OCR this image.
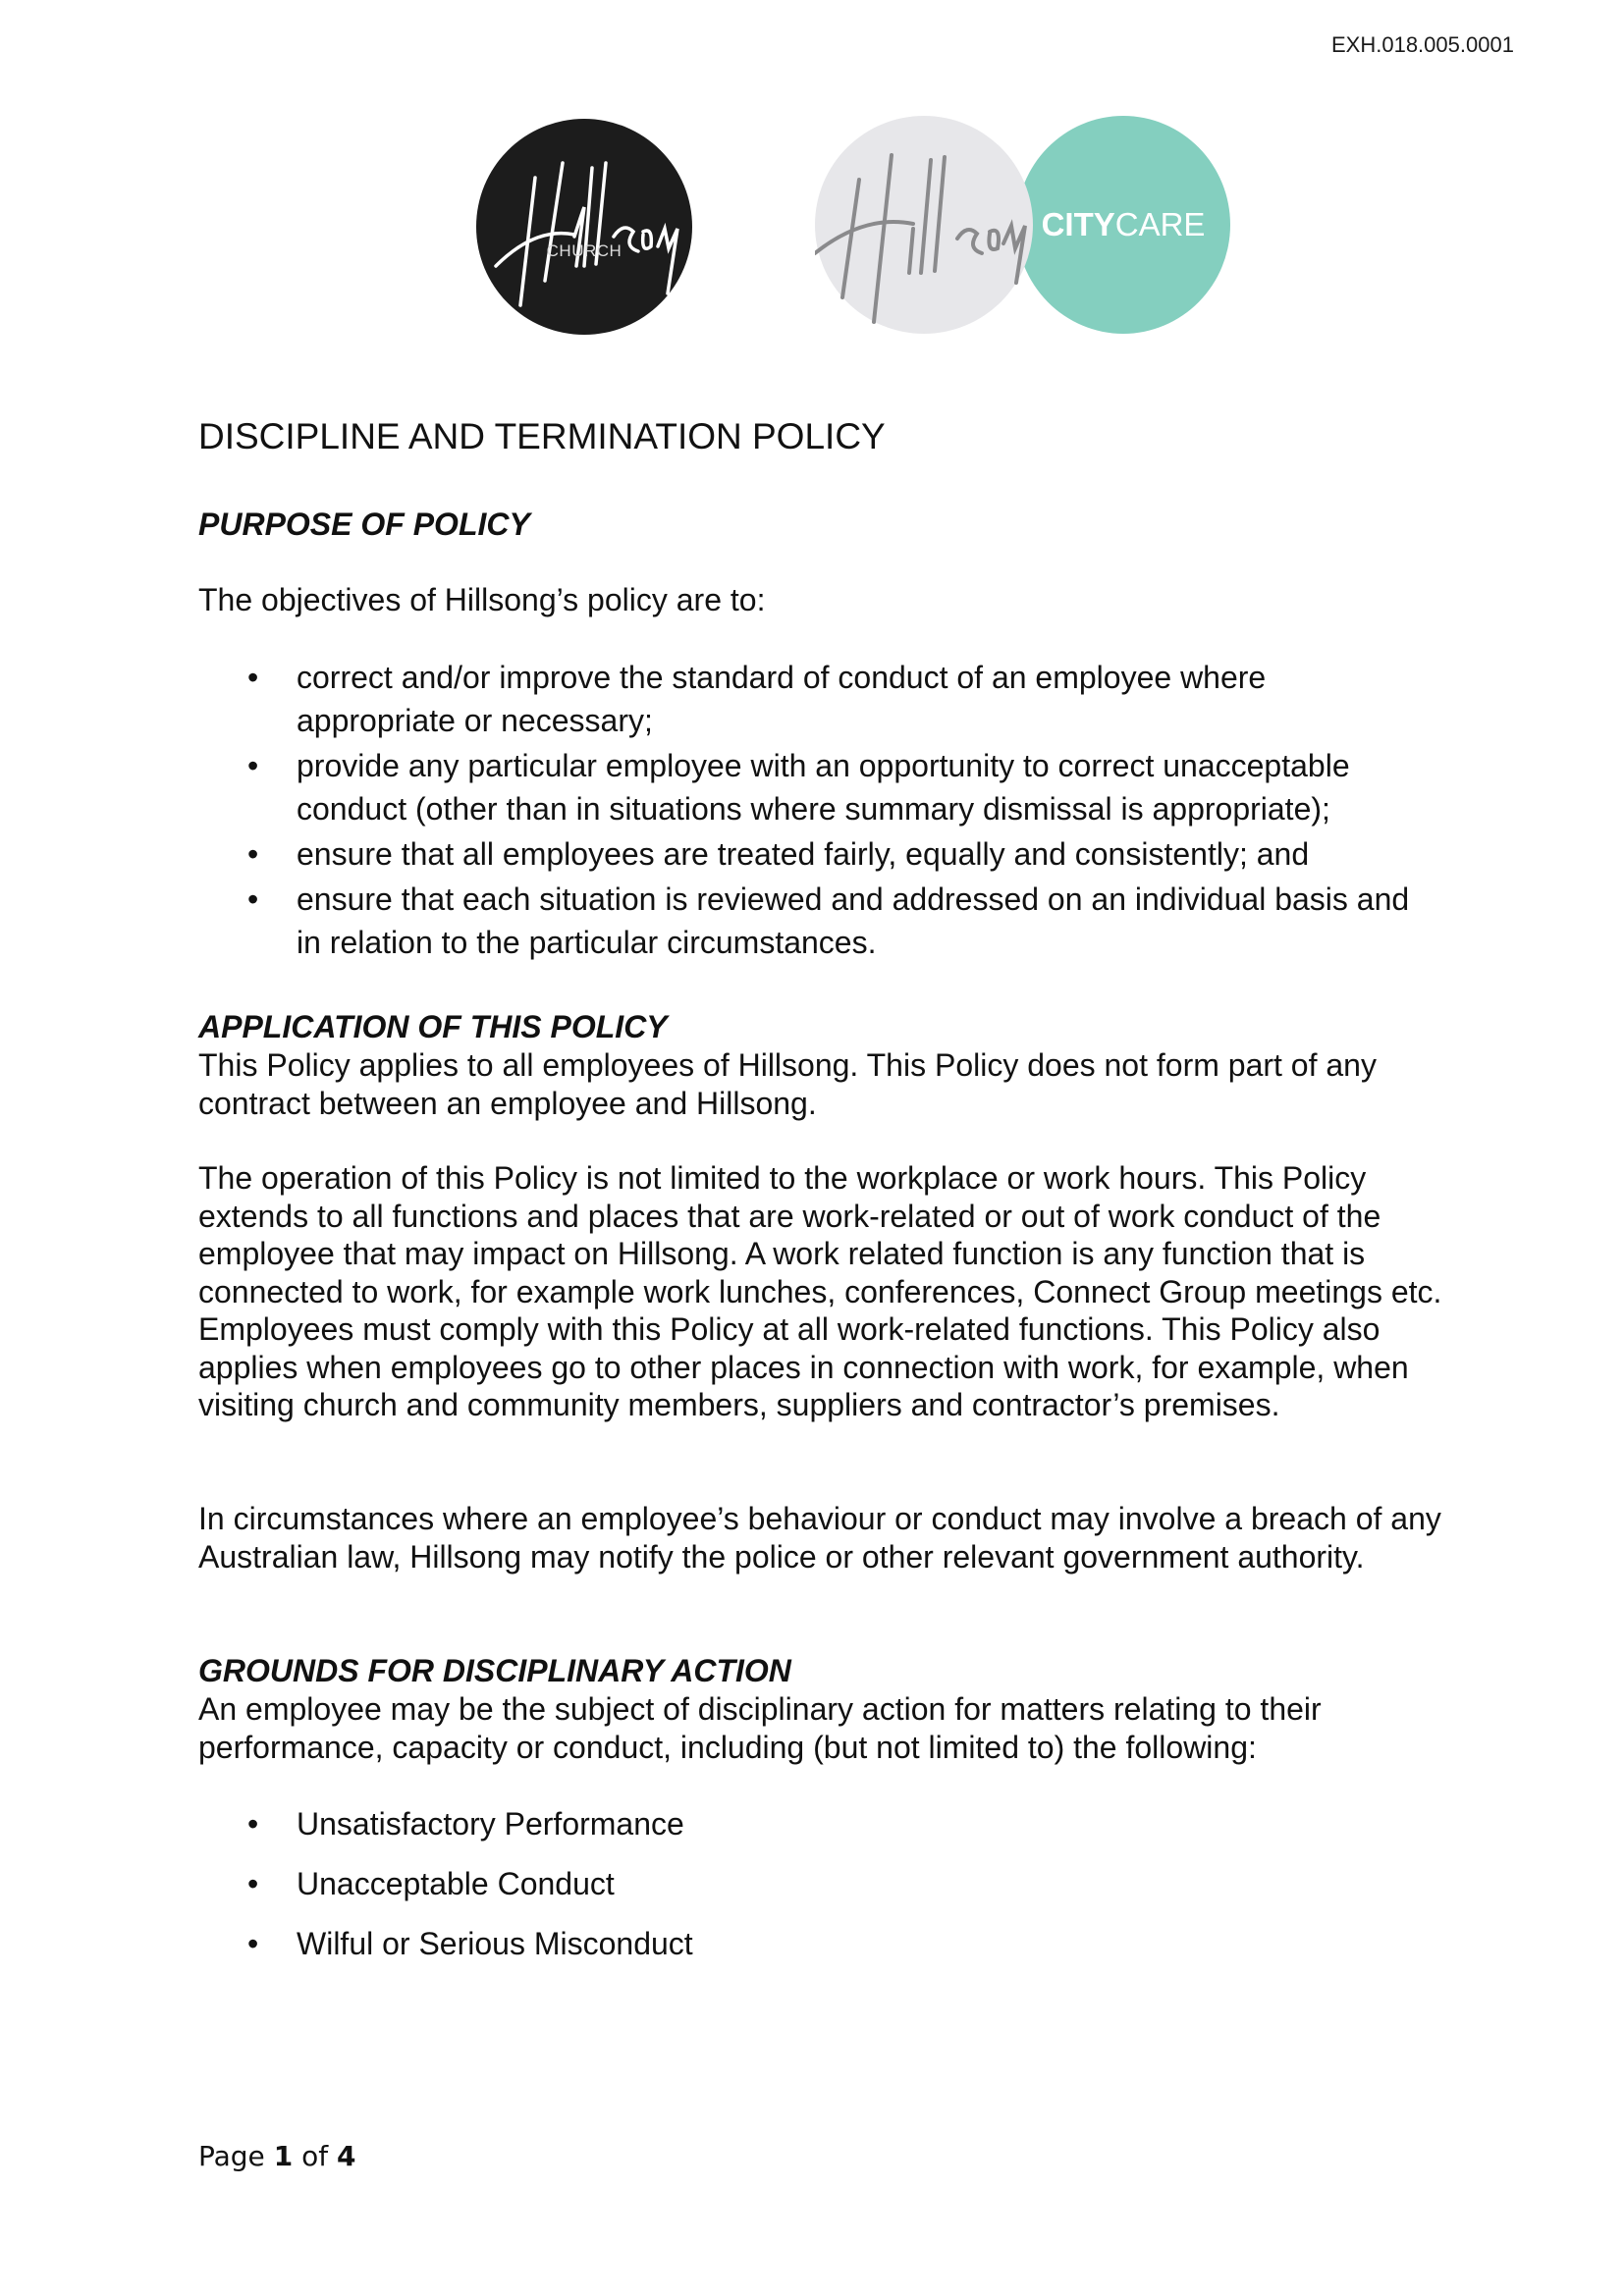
EXH.018.005.0001
CHURCH
CITYCARE
DISCIPLINE AND TERMINATION POLICY
PURPOSE OF POLICY

The objectives of Hillsong’s policy are to:

• correct and/or improve the standard of conduct of an employee where appropriate or necessary;
• provide any particular employee with an opportunity to correct unacceptable conduct (other than in situations where summary dismissal is appropriate);
• ensure that all employees are treated fairly, equally and consistently; and
• ensure that each situation is reviewed and addressed on an individual basis and in relation to the particular circumstances.
APPLICATION OF THIS POLICY

This Policy applies to all employees of Hillsong. This Policy does not form part of any contract between an employee and Hillsong.

The operation of this Policy is not limited to the workplace or work hours. This Policy extends to all functions and places that are work-related or out of work conduct of the employee that may impact on Hillsong. A work related function is any function that is connected to work, for example work lunches, conferences, Connect Group meetings etc. Employees must comply with this Policy at all work-related functions. This Policy also applies when employees go to other places in connection with work, for example, when visiting church and community members, suppliers and contractor’s premises.

In circumstances where an employee’s behaviour or conduct may involve a breach of any Australian law, Hillsong may notify the police or other relevant government authority.

GROUNDS FOR DISCIPLINARY ACTION

An employee may be the subject of disciplinary action for matters relating to their performance, capacity or conduct, including (but not limited to) the following:

• Unsatisfactory Performance
• Unacceptable Conduct
• Wilful or Serious Misconduct
Page 1 of 4
